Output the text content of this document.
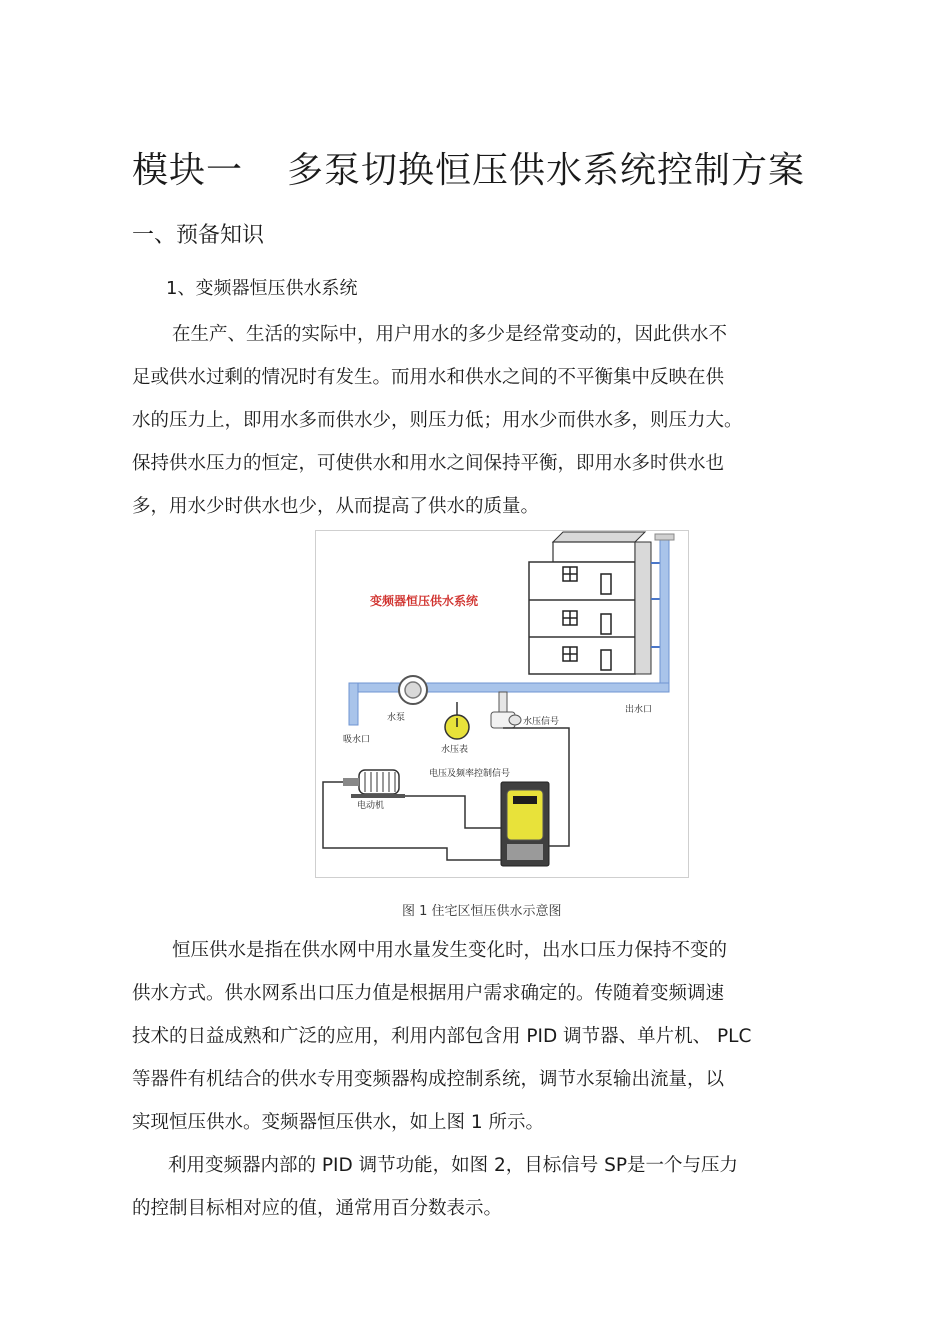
模块一 多泵切换恒压供水系统控制方案
一、预备知识
1、变频器恒压供水系统
在生产、生活的实际中，用户用水的多少是经常变动的，因此供水不
足或供水过剩的情况时有发生。而用水和供水之间的不平衡集中反映在供
水的压力上，即用水多而供水少，则压力低；用水少而供水多，则压力大。
保持供水压力的恒定，可使供水和用水之间保持平衡，即用水多时供水也
多，用水少时供水也少，从而提高了供水的质量。
变频器恒压供水系统
吸水口
水泵
水压表
水压信号
出水口
电压及频率控制信号
电动机
图 1 住宅区恒压供水示意图
恒压供水是指在供水网中用水量发生变化时，出水口压力保持不变的
供水方式。供水网系出口压力值是根据用户需求确定的。传随着变频调速
技术的日益成熟和广泛的应用，利用内部包含用 PID 调节器、单片机、 PLC
等器件有机结合的供水专用变频器构成控制系统，调节水泵输出流量，以
实现恒压供水。变频器恒压供水，如上图 1 所示。
利用变频器内部的 PID 调节功能，如图 2，目标信号 SP是一个与压力
的控制目标相对应的值，通常用百分数表示。
